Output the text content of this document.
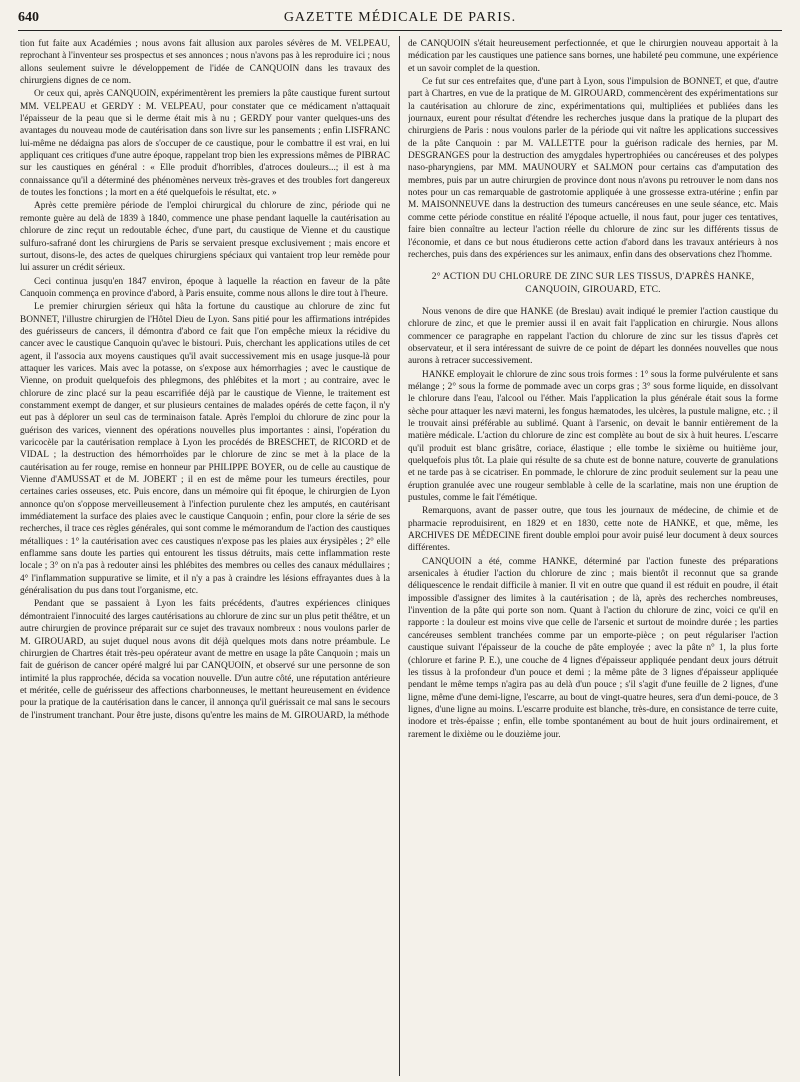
640	GAZETTE MÉDICALE DE PARIS.

tion fut faite aux Académies ; nous avons fait allusion aux paroles sévères de M. VELPEAU, reprochant à l'inventeur ses prospectus et ses annonces ; nous n'avons pas à les reproduire ici ; nous allons seulement suivre le développement de l'idée de CANQUOIN dans les travaux des chirurgiens dignes de ce nom.

Or ceux qui, après CANQUOIN, expérimentèrent les premiers la pâte caustique furent surtout MM. VELPEAU et GERDY : M. VELPEAU, pour constater que ce médicament n'attaquait l'épaisseur de la peau que si le derme était mis à nu ; GERDY pour vanter quelques-uns des avantages du nouveau mode de cautérisation dans son livre sur les pansements ; enfin LISFRANC lui-même ne dédaigna pas alors de s'occuper de ce caustique, pour le combattre il est vrai, en lui appliquant ces critiques d'une autre époque, rappelant trop bien les expressions mêmes de PIBRAC sur les caustiques en général : « Elle produit d'horribles, d'atroces douleurs...; il est à ma connaissance qu'il a déterminé des phénomènes nerveux très-graves et des troubles fort dangereux de toutes les fonctions ; la mort en a été quelquefois le résultat, etc. »

Après cette première période de l'emploi chirurgical du chlorure de zinc, période qui ne remonte guère au delà de 1839 à 1840, commence une phase pendant laquelle la cautérisation au chlorure de zinc reçut un redoutable échec, d'une part, du caustique de Vienne et du caustique sulfuro-safrané dont les chirurgiens de Paris se servaient presque exclusivement ; mais encore et surtout, disons-le, des actes de quelques chirurgiens spéciaux qui vantaient trop leur remède pour lui assurer un crédit sérieux.

Ceci continua jusqu'en 1847 environ, époque à laquelle la réaction en faveur de la pâte Canquoin commença en province d'abord, à Paris ensuite, comme nous allons le dire tout à l'heure.

Le premier chirurgien sérieux qui hâta la fortune du caustique au chlorure de zinc fut BONNET, l'illustre chirurgien de l'Hôtel Dieu de Lyon. Sans pitié pour les affirmations intrépides des guérisseurs de cancers, il démontra d'abord ce fait que l'on empêche mieux la récidive du cancer avec le caustique Canquoin qu'avec le bistouri. Puis, cherchant les applications utiles de cet agent, il l'associa aux moyens caustiques qu'il avait successivement mis en usage jusque-là pour attaquer les varices. Mais avec la potasse, on s'expose aux hémorrhagies ; avec le caustique de Vienne, on produit quelquefois des phlegmons, des phlébites et la mort ; au contraire, avec le chlorure de zinc placé sur la peau escarrifiée déjà par le caustique de Vienne, le traitement est constamment exempt de danger, et sur plusieurs centaines de malades opérés de cette façon, il n'y eut pas à déplorer un seul cas de terminaison fatale. Après l'emploi du chlorure de zinc pour la guérison des varices, viennent des opérations nouvelles plus importantes : ainsi, l'opération du varicocèle par la cautérisation remplace à Lyon les procédés de BRESCHET, de RICORD et de VIDAL ; la destruction des hémorrhoïdes par le chlorure de zinc se met à la place de la cautérisation au fer rouge, remise en honneur par PHILIPPE BOYER, ou de celle au caustique de Vienne d'AMUSSAT et de M. JOBERT ; il en est de même pour les tumeurs érectiles, pour certaines caries osseuses, etc. Puis encore, dans un mémoire qui fit époque, le chirurgien de Lyon annonce qu'on s'oppose merveilleusement à l'infection purulente chez les amputés, en cautérisant immédiatement la surface des plaies avec le caustique Canquoin ; enfin, pour clore la série de ses recherches, il trace ces règles générales, qui sont comme le mémorandum de l'action des caustiques métalliques : 1° la cautérisation avec ces caustiques n'expose pas les plaies aux érysipèles ; 2° elle enflamme sans doute les parties qui entourent les tissus détruits, mais cette inflammation reste locale ; 3° on n'a pas à redouter ainsi les phlébites des membres ou celles des canaux médullaires ; 4° l'inflammation suppurative se limite, et il n'y a pas à craindre les lésions effrayantes dues à la généralisation du pus dans tout l'organisme, etc.

Pendant que se passaient à Lyon les faits précédents, d'autres expériences cliniques démontraient l'innocuité des larges cautérisations au chlorure de zinc sur un plus petit théâtre, et un autre chirurgien de province préparait sur ce sujet des travaux nombreux : nous voulons parler de M. GIROUARD, au sujet duquel nous avons dit déjà quelques mots dans notre préambule. Le chirurgien de Chartres était très-peu opérateur avant de mettre en usage la pâte Canquoin ; mais un fait de guérison de cancer opéré malgré lui par CANQUOIN, et observé sur une personne de son intimité la plus rapprochée, décida sa vocation nouvelle. D'un autre côté, une réputation antérieure et méritée, celle de guérisseur des affections charbonneuses, le mettant heureusement en évidence pour la pratique de la cautérisation dans le cancer, il annonça qu'il guérissait ce mal sans le secours de l'instrument tranchant. Pour être juste, disons qu'entre les mains de M. GIROUARD, la méthode

de CANQUOIN s'était heureusement perfectionnée, et que le chirurgien nouveau apportait à la médication par les caustiques une patience sans bornes, une habileté peu commune, une expérience et un savoir complet de la question.

Ce fut sur ces entrefaites que, d'une part à Lyon, sous l'impulsion de BONNET, et que, d'autre part à Chartres, en vue de la pratique de M. GIROUARD, commencèrent des expérimentations sur la cautérisation au chlorure de zinc, expérimentations qui, multipliées et publiées dans les journaux, eurent pour résultat d'étendre les recherches jusque dans la pratique de la plupart des chirurgiens de Paris : nous voulons parler de la période qui vit naître les applications successives de la pâte Canquoin : par M. VALLETTE pour la guérison radicale des hernies, par M. DESGRANGES pour la destruction des amygdales hypertrophiées ou cancéreuses et des polypes naso-pharyngiens, par MM. MAUNOURY et SALMON pour certains cas d'amputation des membres, puis par un autre chirurgien de province dont nous n'avons pu retrouver le nom dans nos notes pour un cas remarquable de gastrotomie appliquée à une grossesse extra-utérine ; enfin par M. MAISONNEUVE dans la destruction des tumeurs cancéreuses en une seule séance, etc. Mais comme cette période constitue en réalité l'époque actuelle, il nous faut, pour juger ces tentatives, faire bien connaître au lecteur l'action réelle du chlorure de zinc sur les différents tissus de l'économie, et dans ce but nous étudierons cette action d'abord dans les travaux antérieurs à nos recherches, puis dans des expériences sur les animaux, enfin dans des observations chez l'homme.

2° ACTION DU CHLORURE DE ZINC SUR LES TISSUS, D'APRÈS HANKE, CANQUOIN, GIROUARD, ETC.

Nous venons de dire que HANKE (de Breslau) avait indiqué le premier l'action caustique du chlorure de zinc, et que le premier aussi il en avait fait l'application en chirurgie. Nous allons commencer ce paragraphe en rappelant l'action du chlorure de zinc sur les tissus d'après cet observateur, et il sera intéressant de suivre de ce point de départ les données nouvelles que nous aurons à retracer successivement.

HANKE employait le chlorure de zinc sous trois formes : 1° sous la forme pulvérulente et sans mélange ; 2° sous la forme de pommade avec un corps gras ; 3° sous forme liquide, en dissolvant le chlorure dans l'eau, l'alcool ou l'éther. Mais l'application la plus générale était sous la forme sèche pour attaquer les nævi materni, les fongus hæmatodes, les ulcères, la pustule maligne, etc. ; il le trouvait ainsi préférable au sublimé. Quant à l'arsenic, on devait le bannir entièrement de la matière médicale. L'action du chlorure de zinc est complète au bout de six à huit heures. L'escarre qu'il produit est blanc grisâtre, coriace, élastique ; elle tombe le sixième ou huitième jour, quelquefois plus tôt. La plaie qui résulte de sa chute est de bonne nature, couverte de granulations et ne tarde pas à se cicatriser. En pommade, le chlorure de zinc produit seulement sur la peau une éruption granulée avec une rougeur semblable à celle de la scarlatine, mais non une éruption de pustules, comme le fait l'émétique.

Remarquons, avant de passer outre, que tous les journaux de médecine, de chimie et de pharmacie reproduisirent, en 1829 et en 1830, cette note de HANKE, et que, même, les ARCHIVES DE MÉDECINE firent double emploi pour avoir puisé leur document à deux sources différentes.

CANQUOIN a été, comme HANKE, déterminé par l'action funeste des préparations arsenicales à étudier l'action du chlorure de zinc ; mais bientôt il reconnut que sa grande déliquescence le rendait difficile à manier. Il vit en outre que quand il est réduit en poudre, il était impossible d'assigner des limites à la cautérisation ; de là, après des recherches nombreuses, l'invention de la pâte qui porte son nom. Quant à l'action du chlorure de zinc, voici ce qu'il en rapporte : la douleur est moins vive que celle de l'arsenic et surtout de moindre durée ; les parties cancéreuses semblent tranchées comme par un emporte-pièce ; on peut régulariser l'action caustique suivant l'épaisseur de la couche de pâte employée ; avec la pâte n° 1, la plus forte (chlorure et farine P. E.), une couche de 4 lignes d'épaisseur appliquée pendant deux jours détruit les tissus à la profondeur d'un pouce et demi ; la même pâte de 3 lignes d'épaisseur appliquée pendant le même temps n'agira pas au delà d'un pouce ; s'il s'agit d'une feuille de 2 lignes, d'une ligne, même d'une demi-ligne, l'escarre, au bout de vingt-quatre heures, sera d'un demi-pouce, de 3 lignes, d'une ligne au moins. L'escarre produite est blanche, très-dure, en consistance de terre cuite, inodore et très-épaisse ; enfin, elle tombe spontanément au bout de huit jours ordinairement, et rarement le dixième ou le douzième jour.
